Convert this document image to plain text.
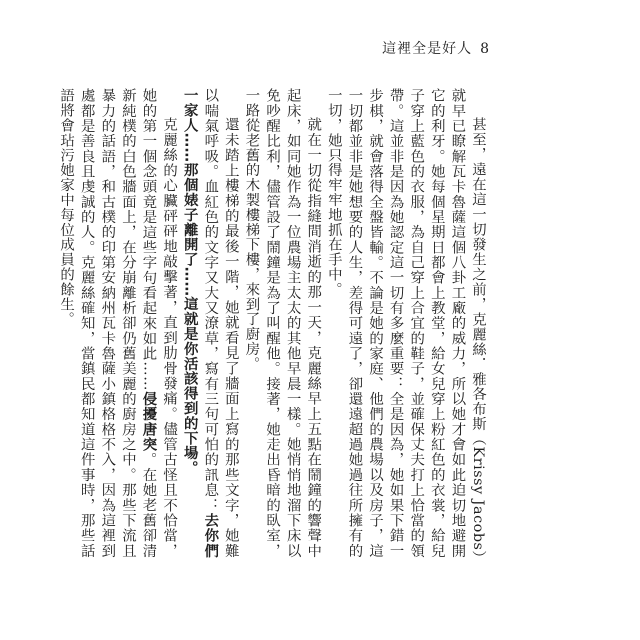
這裡全是好人 8

甚至，遠在這一切發生之前，克麗絲．雅各布斯（Krissy Jacobs）就早已瞭解瓦卡魯薩這個八卦工廠的威力，所以她才會如此迫切地避開它的利牙。她每個星期日都會上教堂，給女兒穿上粉紅色的衣裳，給兒子穿上藍色的衣服，為自己穿上合宜的鞋子，並確保丈夫打上恰當的領帶。這並非是因為她認定這一切有多麼重要：全是因為，她如果下錯一步棋，就會落得全盤皆輸。不論是她的家庭、他們的農場以及房子，這一切都並非是她想要的人生，差得可遠了，卻還遠超過她過往所擁有的一切，她只得牢牢地抓在手中。

就在一切從指縫間消逝的那一天，克麗絲早上五點在鬧鐘的響聲中起床，如同她作為一位農場主太太的其他早晨一樣。她悄悄地溜下床以免吵醒比利，儘管設了鬧鐘是為了叫醒他。接著，她走出昏暗的臥室，一路從老舊的木製樓梯下樓，來到了廚房。

還未踏上樓梯的最後一階，她就看見了牆面上寫的那些文字，她難以喘氣呼吸。血紅色的文字又大又潦草，寫有三句可怕的訊息：去你們一家人……那個婊子離開了……這就是你活該得到的下場。

克麗絲的心臟砰砰地敲擊著，直到肋骨發痛。儘管古怪且不恰當，她的第一個念頭竟是這些字句看起來如此……侵擾唐突。在她老舊卻清新純樸的白色牆面上，在分崩離析卻仍舊美麗的廚房之中。那些下流且暴力的話語，和古樸的印第安納州瓦卡魯薩小鎮格格不入，因為這裡到處都是善良且虔誠的人。克麗絲確知，當鎮民都知道這件事時，那些話語將會玷污她家中每位成員的餘生。
